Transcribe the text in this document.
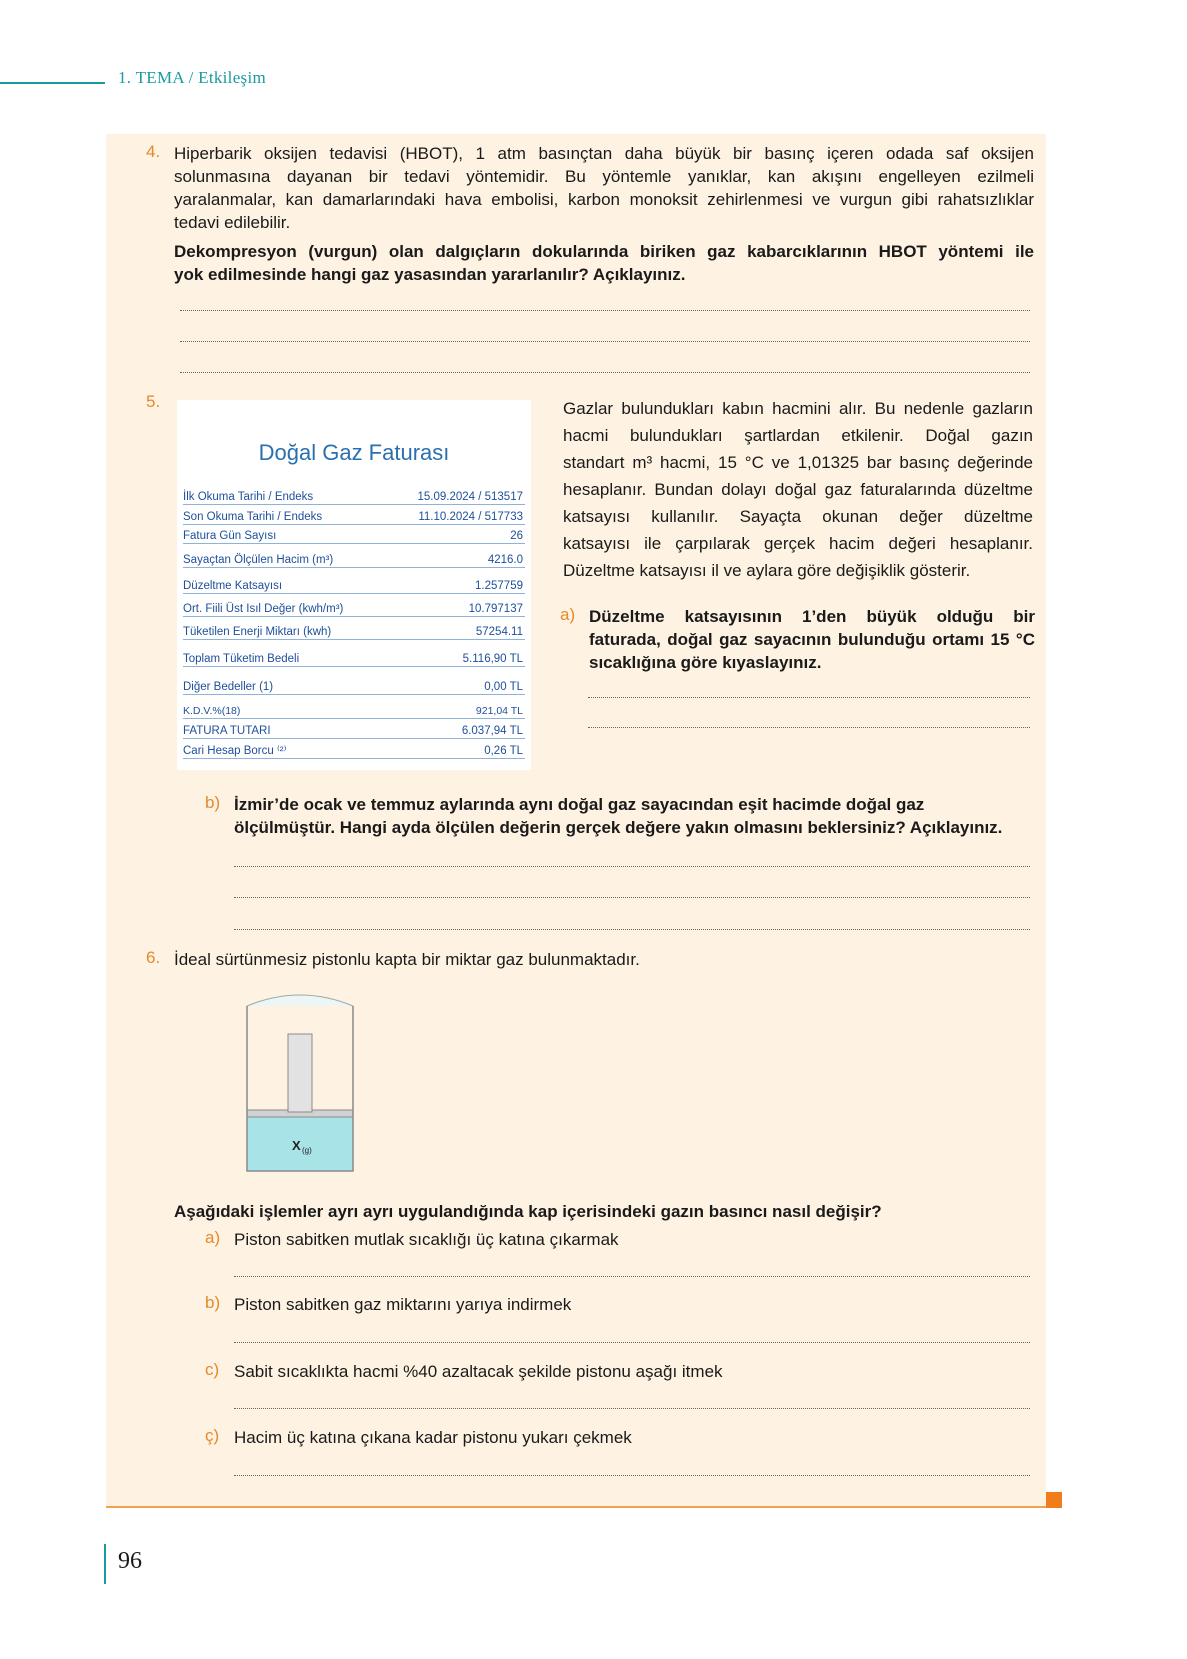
1. TEMA / Etkileşim
4. Hiperbarik oksijen tedavisi (HBOT), 1 atm basınçtan daha büyük bir basınç içeren odada saf oksijen
solunmasına dayanan bir tedavi yöntemidir. Bu yöntemle yanıklar, kan akışını engelleyen ezilmeli
yaralanmalar, kan damarlarındaki hava embolisi, karbon monoksit zehirlenmesi ve vurgun gibi rahatsızlıklar
tedavi edilebilir.
Dekompresyon (vurgun) olan dalgıçların dokularında biriken gaz kabarcıklarının HBOT yöntemi ile
yok edilmesinde hangi gaz yasasından yararlanılır? Açıklayınız.
5.
Doğal Gaz Faturası
İlk Okuma Tarihi / Endeks	15.09.2024 / 513517
Son Okuma Tarihi / Endeks	11.10.2024 / 517733
Fatura Gün Sayısı	26
Sayaçtan Ölçülen Hacim (m³)	4216.0
Düzeltme Katsayısı	1.257759
Ort. Fiili Üst Isıl Değer (kwh/m³)	10.797137
Tüketilen Enerji Miktarı (kwh)	57254.11
Toplam Tüketim Bedeli	5.116,90 TL
Diğer Bedeller (1)	0,00 TL
K.D.V.%(18)	921,04 TL
FATURA TUTARI	6.037,94 TL
Cari Hesap Borcu ⁽²⁾	0,26 TL
Gazlar bulundukları kabın hacmini alır. Bu nedenle gazların
hacmi bulundukları şartlardan etkilenir. Doğal gazın
standart m³ hacmi, 15 °C ve 1,01325 bar basınç değerinde
hesaplanır. Bundan dolayı doğal gaz faturalarında düzeltme
katsayısı kullanılır. Sayaçta okunan değer düzeltme
katsayısı ile çarpılarak gerçek hacim değeri hesaplanır.
Düzeltme katsayısı il ve aylara göre değişiklik gösterir.
a) Düzeltme katsayısının 1’den büyük olduğu bir
faturada, doğal gaz sayacının bulunduğu ortamı 15 °C
sıcaklığına göre kıyaslayınız.
b) İzmir’de ocak ve temmuz aylarında aynı doğal gaz sayacından eşit hacimde doğal gaz
ölçülmüştür. Hangi ayda ölçülen değerin gerçek değere yakın olmasını beklersiniz? Açıklayınız.
6. İdeal sürtünmesiz pistonlu kapta bir miktar gaz bulunmaktadır.
X (g)
Aşağıdaki işlemler ayrı ayrı uygulandığında kap içerisindeki gazın basıncı nasıl değişir?
a) Piston sabitken mutlak sıcaklığı üç katına çıkarmak
b) Piston sabitken gaz miktarını yarıya indirmek
c) Sabit sıcaklıkta hacmi %40 azaltacak şekilde pistonu aşağı itmek
ç) Hacim üç katına çıkana kadar pistonu yukarı çekmek
96
